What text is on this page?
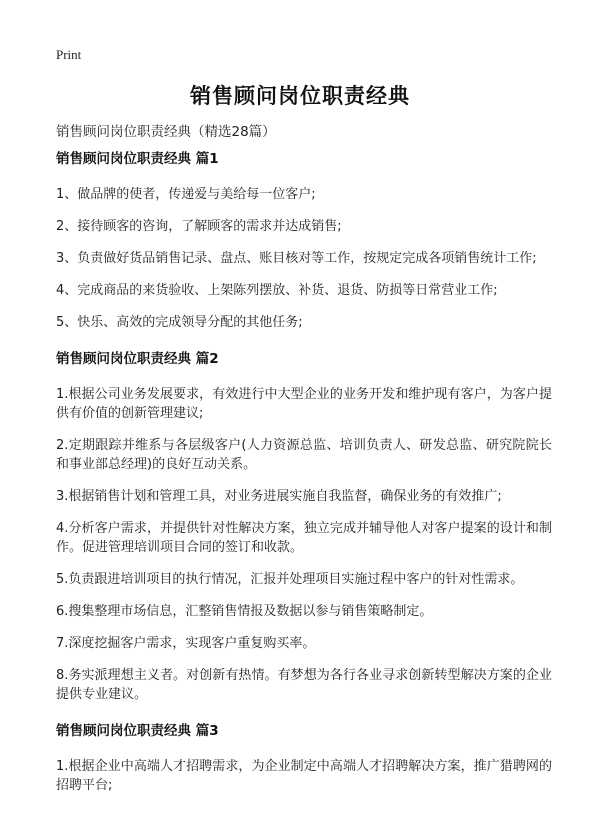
Print
销售顾问岗位职责经典
销售顾问岗位职责经典（精选28篇）
销售顾问岗位职责经典 篇1
1、做品牌的使者，传递爱与美给每一位客户;
2、接待顾客的咨询，了解顾客的需求并达成销售;
3、负责做好货品销售记录、盘点、账目核对等工作，按规定完成各项销售统计工作;
4、完成商品的来货验收、上架陈列摆放、补货、退货、防损等日常营业工作;
5、快乐、高效的完成领导分配的其他任务;
销售顾问岗位职责经典 篇2
1.根据公司业务发展要求，有效进行中大型企业的业务开发和维护现有客户，为客户提供有价值的创新管理建议;
2.定期跟踪并维系与各层级客户(人力资源总监、培训负责人、研发总监、研究院院长和事业部总经理)的良好互动关系。
3.根据销售计划和管理工具，对业务进展实施自我监督，确保业务的有效推广;
4.分析客户需求，并提供针对性解决方案，独立完成并辅导他人对客户提案的设计和制作。促进管理培训项目合同的签订和收款。
5.负责跟进培训项目的执行情况，汇报并处理项目实施过程中客户的针对性需求。
6.搜集整理市场信息，汇整销售情报及数据以参与销售策略制定。
7.深度挖掘客户需求，实现客户重复购买率。
8.务实派理想主义者。对创新有热情。有梦想为各行各业寻求创新转型解决方案的企业提供专业建议。
销售顾问岗位职责经典 篇3
1.根据企业中高端人才招聘需求，为企业制定中高端人才招聘解决方案，推广猎聘网的招聘平台;
